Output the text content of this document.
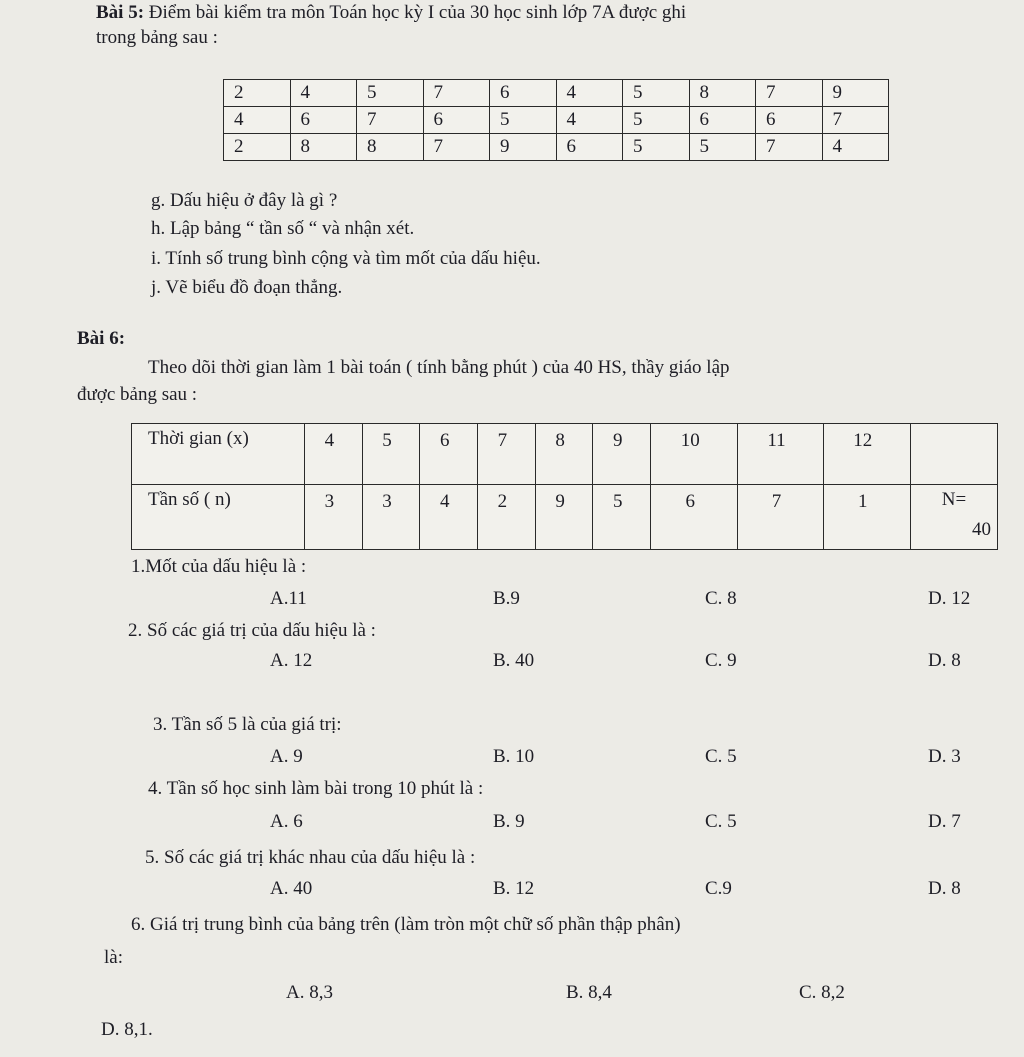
Bài 5: Điểm bài kiểm tra môn Toán học kỳ I của 30 học sinh lớp 7A được ghi
trong bảng sau :
2	4	5	7	6	4	5	8	7	9
4	6	7	6	5	4	5	6	6	7
2	8	8	7	9	6	5	5	7	4
g. Dấu hiệu ở đây là gì ?
h. Lập bảng “ tần số “ và nhận xét.
i. Tính số trung bình cộng và tìm mốt của dấu hiệu.
j. Vẽ biểu đồ đoạn thẳng.
Bài 6:
Theo dõi thời gian làm 1 bài toán ( tính bằng phút ) của 40 HS, thầy giáo lập
được bảng sau :
Thời gian (x)	4	5	6	7	8	9	10	11	12	
Tần số ( n)	3	3	4	2	9	5	6	7	1	N=
40
1.Mốt của dấu hiệu là :
A.11	B.9	C. 8	D. 12
2. Số các giá trị của dấu hiệu là :
A. 12	B. 40	C. 9	D. 8
3. Tần số 5 là của giá trị:
A. 9	B. 10	C. 5	D. 3
4. Tần số học sinh làm bài trong 10 phút là :
A. 6	B. 9	C. 5	D. 7
5. Số các giá trị khác nhau của dấu hiệu là :
A. 40	B. 12	C.9	D. 8
6. Giá trị trung bình của bảng trên (làm tròn một chữ số phần thập phân)
là:
A. 8,3	B. 8,4	C. 8,2
D. 8,1.
